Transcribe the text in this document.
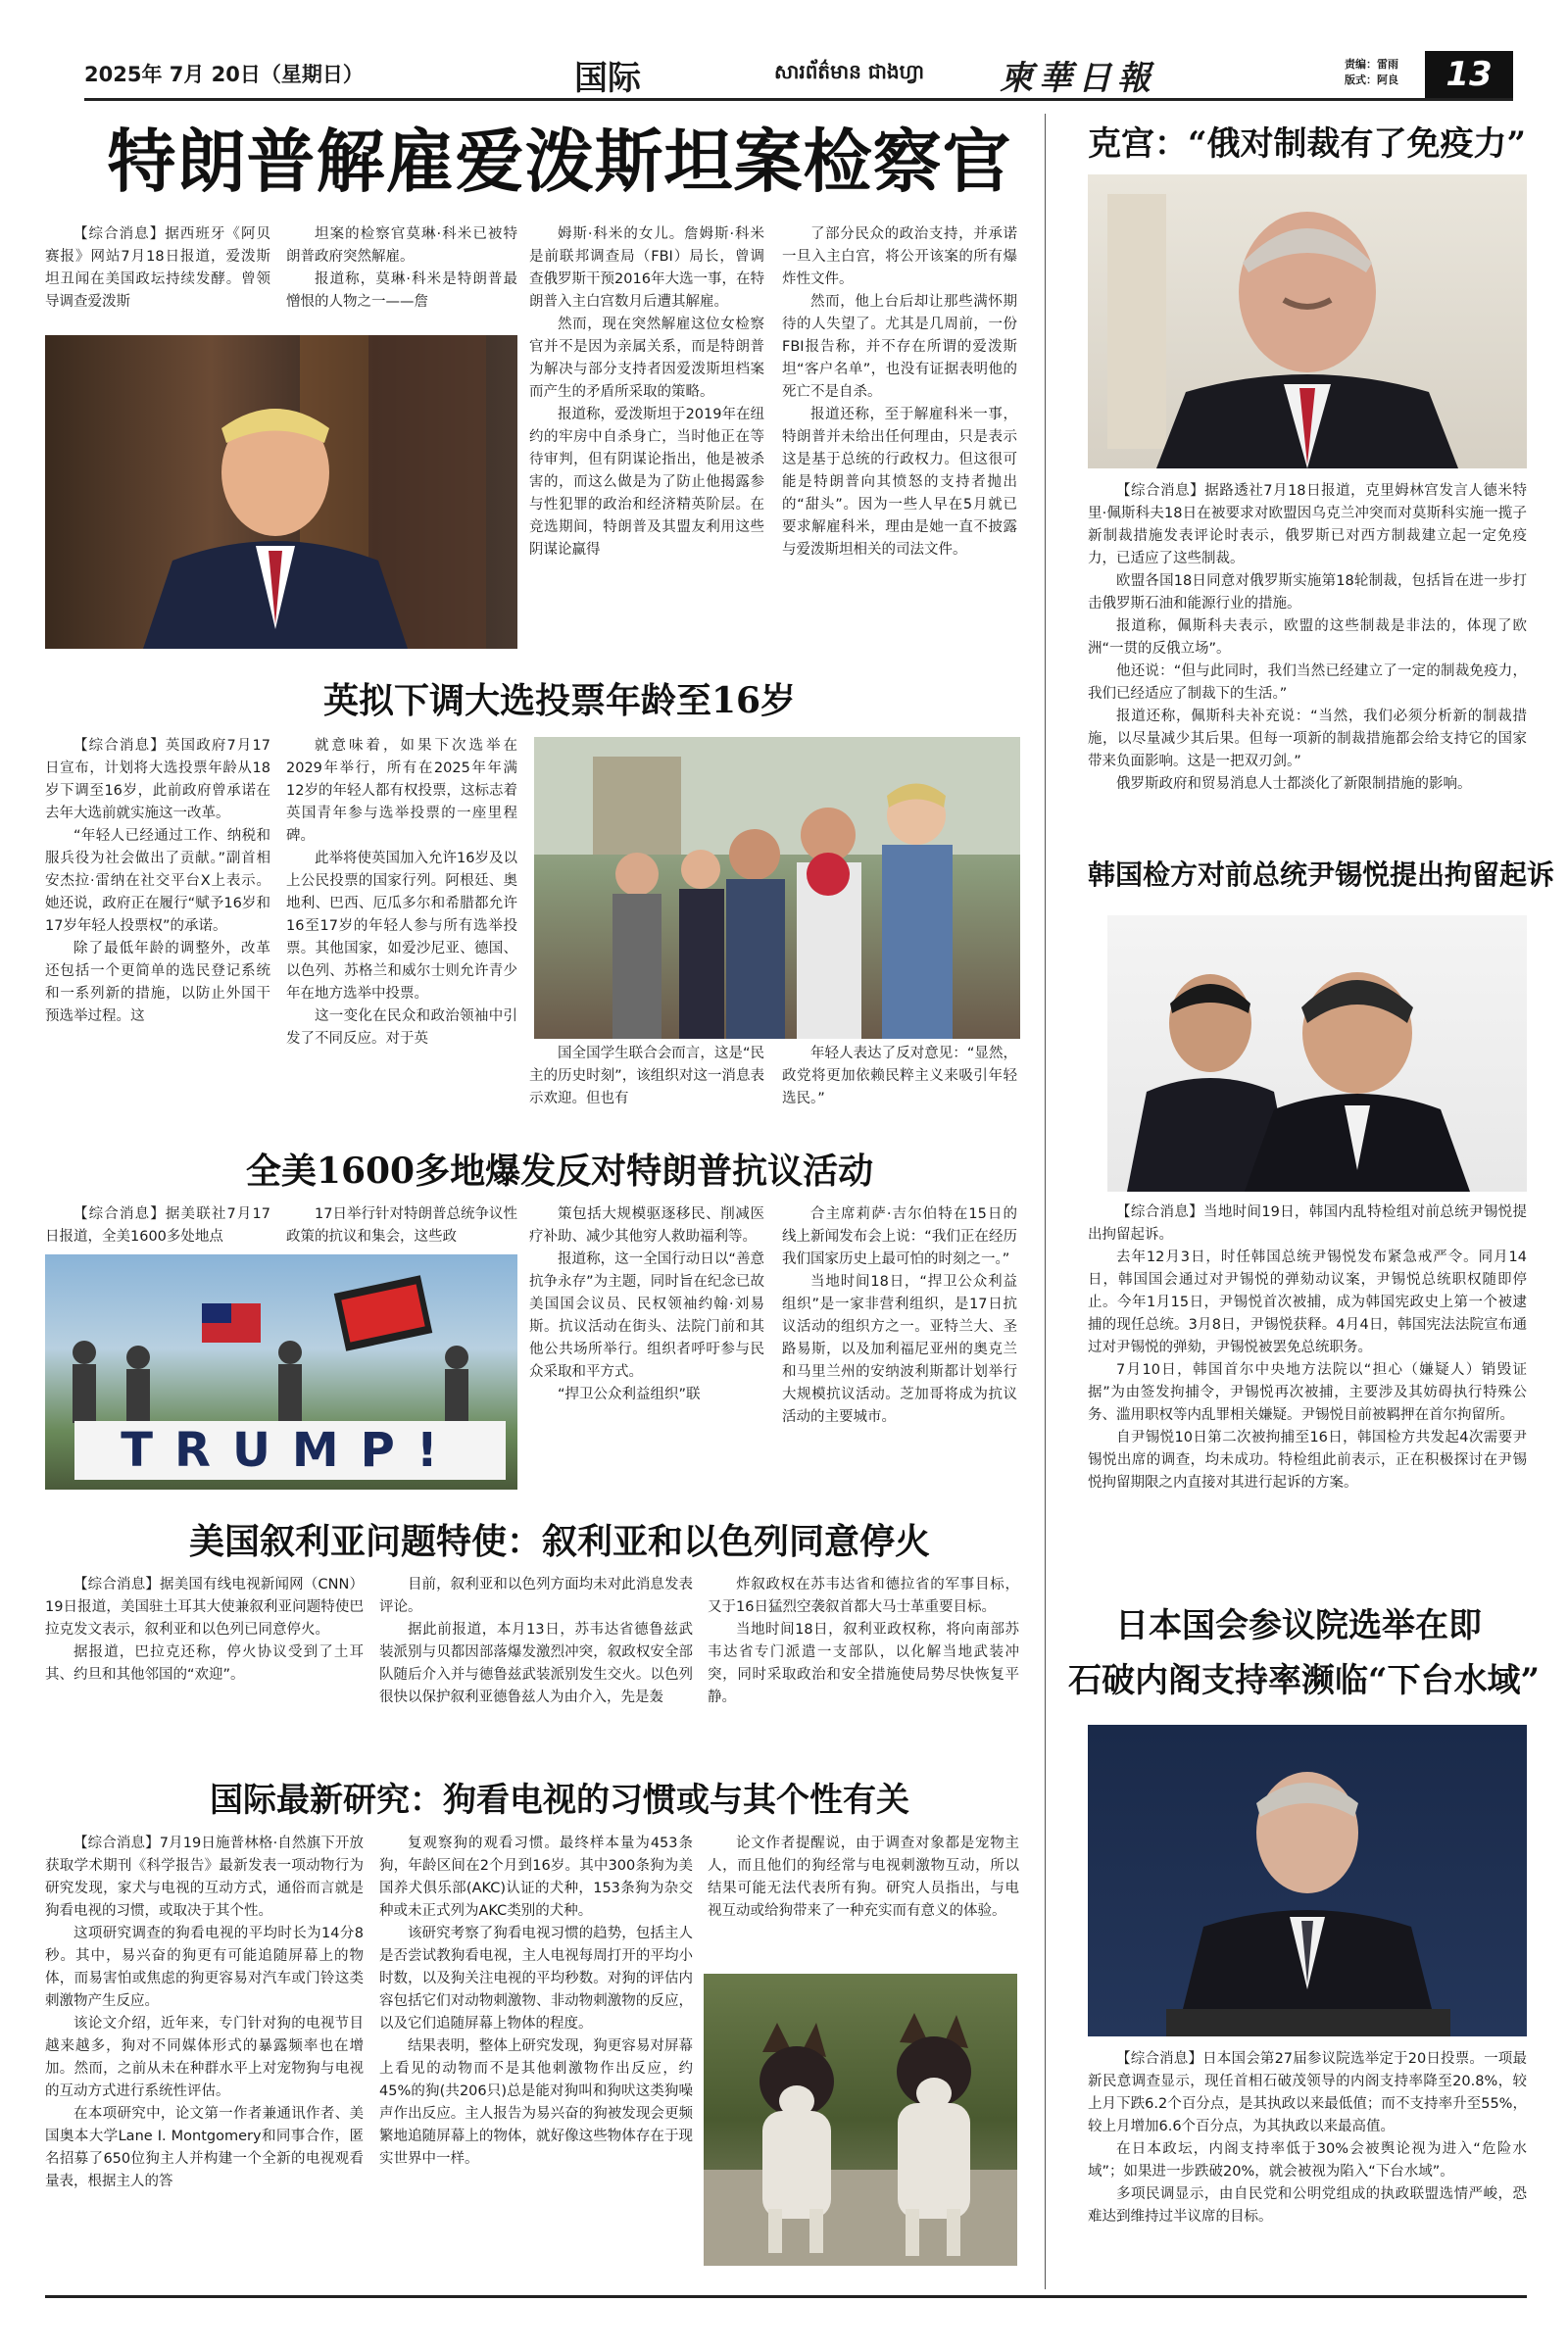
2025年 7月 20日（星期日）	国际	សារព័ត៌មាន ជាងហ្វា 柬華日報	责编：雷雨
版式：阿良	13
特朗普解雇爱泼斯坦案检察官

【综合消息】据西班牙《阿贝赛报》网站7月18日报道，爱泼斯坦丑闻在美国政坛持续发酵。曾领导调查爱泼斯

坦案的检察官莫琳·科米已被特朗普政府突然解雇。

报道称，莫琳·科米是特朗普最憎恨的人物之一——詹

姆斯·科米的女儿。詹姆斯·科米是前联邦调查局（FBI）局长，曾调查俄罗斯干预2016年大选一事，在特朗普入主白宫数月后遭其解雇。

然而，现在突然解雇这位女检察官并不是因为亲属关系，而是特朗普为解决与部分支持者因爱泼斯坦档案而产生的矛盾所采取的策略。

报道称，爱泼斯坦于2019年在纽约的牢房中自杀身亡，当时他正在等待审判，但有阴谋论指出，他是被杀害的，而这么做是为了防止他揭露参与性犯罪的政治和经济精英阶层。在竞选期间，特朗普及其盟友利用这些阴谋论赢得

了部分民众的政治支持，并承诺一旦入主白宫，将公开该案的所有爆炸性文件。

然而，他上台后却让那些满怀期待的人失望了。尤其是几周前，一份FBI报告称，并不存在所谓的爱泼斯坦“客户名单”，也没有证据表明他的死亡不是自杀。

报道还称，至于解雇科米一事，特朗普并未给出任何理由，只是表示这是基于总统的行政权力。但这很可能是特朗普向其愤怒的支持者抛出的“甜头”。因为一些人早在5月就已要求解雇科米，理由是她一直不披露与爱泼斯坦相关的司法文件。

英拟下调大选投票年龄至16岁

【综合消息】英国政府7月17日宣布，计划将大选投票年龄从18岁下调至16岁，此前政府曾承诺在去年大选前就实施这一改革。

“年轻人已经通过工作、纳税和服兵役为社会做出了贡献。”副首相安杰拉·雷纳在社交平台X上表示。她还说，政府正在履行“赋予16岁和17岁年轻人投票权”的承诺。

除了最低年龄的调整外，改革还包括一个更简单的选民登记系统和一系列新的措施，以防止外国干预选举过程。这

就意味着，如果下次选举在2029年举行，所有在2025年年满12岁的年轻人都有权投票，这标志着英国青年参与选举投票的一座里程碑。

此举将使英国加入允许16岁及以上公民投票的国家行列。阿根廷、奥地利、巴西、厄瓜多尔和希腊都允许16至17岁的年轻人参与所有选举投票。其他国家，如爱沙尼亚、德国、以色列、苏格兰和威尔士则允许青少年在地方选举中投票。

这一变化在民众和政治领袖中引发了不同反应。对于英

国全国学生联合会而言，这是“民主的历史时刻”，该组织对这一消息表示欢迎。但也有

年轻人表达了反对意见：“显然，政党将更加依赖民粹主义来吸引年轻选民。”

全美1600多地爆发反对特朗普抗议活动

【综合消息】据美联社7月17日报道，全美1600多处地点

17日举行针对特朗普总统争议性政策的抗议和集会，这些政

TRUMP!

策包括大规模驱逐移民、削减医疗补助、减少其他穷人救助福利等。

报道称，这一全国行动日以“善意抗争永存”为主题，同时旨在纪念已故美国国会议员、民权领袖约翰·刘易斯。抗议活动在街头、法院门前和其他公共场所举行。组织者呼吁参与民众采取和平方式。

“捍卫公众利益组织”联

合主席莉萨·吉尔伯特在15日的线上新闻发布会上说：“我们正在经历我们国家历史上最可怕的时刻之一。”

当地时间18日，“捍卫公众利益组织”是一家非营利组织，是17日抗议活动的组织方之一。亚特兰大、圣路易斯，以及加利福尼亚州的奥克兰和马里兰州的安纳波利斯都计划举行大规模抗议活动。芝加哥将成为抗议活动的主要城市。

美国叙利亚问题特使：叙利亚和以色列同意停火

【综合消息】据美国有线电视新闻网（CNN）19日报道，美国驻土耳其大使兼叙利亚问题特使巴拉克发文表示，叙利亚和以色列已同意停火。

据报道，巴拉克还称，停火协议受到了土耳其、约旦和其他邻国的“欢迎”。

目前，叙利亚和以色列方面均未对此消息发表评论。

据此前报道，本月13日，苏韦达省德鲁兹武装派别与贝都因部落爆发激烈冲突，叙政权安全部队随后介入并与德鲁兹武装派别发生交火。以色列很快以保护叙利亚德鲁兹人为由介入，先是轰

炸叙政权在苏韦达省和德拉省的军事目标，又于16日猛烈空袭叙首都大马士革重要目标。

当地时间18日，叙利亚政权称，将向南部苏韦达省专门派遣一支部队，以化解当地武装冲突，同时采取政治和安全措施使局势尽快恢复平静。

国际最新研究：狗看电视的习惯或与其个性有关

【综合消息】7月19日施普林格·自然旗下开放获取学术期刊《科学报告》最新发表一项动物行为研究发现，家犬与电视的互动方式，通俗而言就是狗看电视的习惯，或取决于其个性。

这项研究调查的狗看电视的平均时长为14分8秒。其中，易兴奋的狗更有可能追随屏幕上的物体，而易害怕或焦虑的狗更容易对汽车或门铃这类刺激物产生反应。

该论文介绍，近年来，专门针对狗的电视节目越来越多，狗对不同媒体形式的暴露频率也在增加。然而，之前从未在种群水平上对宠物狗与电视的互动方式进行系统性评估。

在本项研究中，论文第一作者兼通讯作者、美国奥本大学Lane I. Montgomery和同事合作，匿名招募了650位狗主人并构建一个全新的电视观看量表，根据主人的答

复观察狗的观看习惯。最终样本量为453条狗，年龄区间在2个月到16岁。其中300条狗为美国养犬俱乐部(AKC)认证的犬种，153条狗为杂交种或未正式列为AKC类别的犬种。

该研究考察了狗看电视习惯的趋势，包括主人是否尝试教狗看电视，主人电视每周打开的平均小时数，以及狗关注电视的平均秒数。对狗的评估内容包括它们对动物刺激物、非动物刺激物的反应，以及它们追随屏幕上物体的程度。

结果表明，整体上研究发现，狗更容易对屏幕上看见的动物而不是其他刺激物作出反应，约45%的狗(共206只)总是能对狗叫和狗吠这类狗噪声作出反应。主人报告为易兴奋的狗被发现会更频繁地追随屏幕上的物体，就好像这些物体存在于现实世界中一样。

论文作者提醒说，由于调查对象都是宠物主人，而且他们的狗经常与电视刺激物互动，所以结果可能无法代表所有狗。研究人员指出，与电视互动或给狗带来了一种充实而有意义的体验。

克宫：“俄对制裁有了免疫力”

【综合消息】据路透社7月18日报道，克里姆林宫发言人德米特里·佩斯科夫18日在被要求对欧盟因乌克兰冲突而对莫斯科实施一揽子新制裁措施发表评论时表示，俄罗斯已对西方制裁建立起一定免疫力，已适应了这些制裁。

欧盟各国18日同意对俄罗斯实施第18轮制裁，包括旨在进一步打击俄罗斯石油和能源行业的措施。

报道称，佩斯科夫表示，欧盟的这些制裁是非法的，体现了欧洲“一贯的反俄立场”。

他还说：“但与此同时，我们当然已经建立了一定的制裁免疫力，我们已经适应了制裁下的生活。”

报道还称，佩斯科夫补充说：“当然，我们必须分析新的制裁措施，以尽量减少其后果。但每一项新的制裁措施都会给支持它的国家带来负面影响。这是一把双刃剑。”

俄罗斯政府和贸易消息人士都淡化了新限制措施的影响。

韩国检方对前总统尹锡悦提出拘留起诉

【综合消息】当地时间19日，韩国内乱特检组对前总统尹锡悦提出拘留起诉。

去年12月3日，时任韩国总统尹锡悦发布紧急戒严令。同月14日，韩国国会通过对尹锡悦的弹劾动议案，尹锡悦总统职权随即停止。今年1月15日，尹锡悦首次被捕，成为韩国宪政史上第一个被逮捕的现任总统。3月8日，尹锡悦获释。4月4日，韩国宪法法院宣布通过对尹锡悦的弹劾，尹锡悦被罢免总统职务。

7月10日，韩国首尔中央地方法院以“担心（嫌疑人）销毁证据”为由签发拘捕令，尹锡悦再次被捕，主要涉及其妨碍执行特殊公务、滥用职权等内乱罪相关嫌疑。尹锡悦目前被羁押在首尔拘留所。

自尹锡悦10日第二次被拘捕至16日，韩国检方共发起4次需要尹锡悦出席的调查，均未成功。特检组此前表示，正在积极探讨在尹锡悦拘留期限之内直接对其进行起诉的方案。

日本国会参议院选举在即
石破内阁支持率濒临“下台水域”

【综合消息】日本国会第27届参议院选举定于20日投票。一项最新民意调查显示，现任首相石破茂领导的内阁支持率降至20.8%，较上月下跌6.2个百分点，是其执政以来最低值；而不支持率升至55%，较上月增加6.6个百分点，为其执政以来最高值。

在日本政坛，内阁支持率低于30%会被舆论视为进入“危险水域”；如果进一步跌破20%，就会被视为陷入“下台水域”。

多项民调显示，由自民党和公明党组成的执政联盟选情严峻，恐难达到维持过半议席的目标。
